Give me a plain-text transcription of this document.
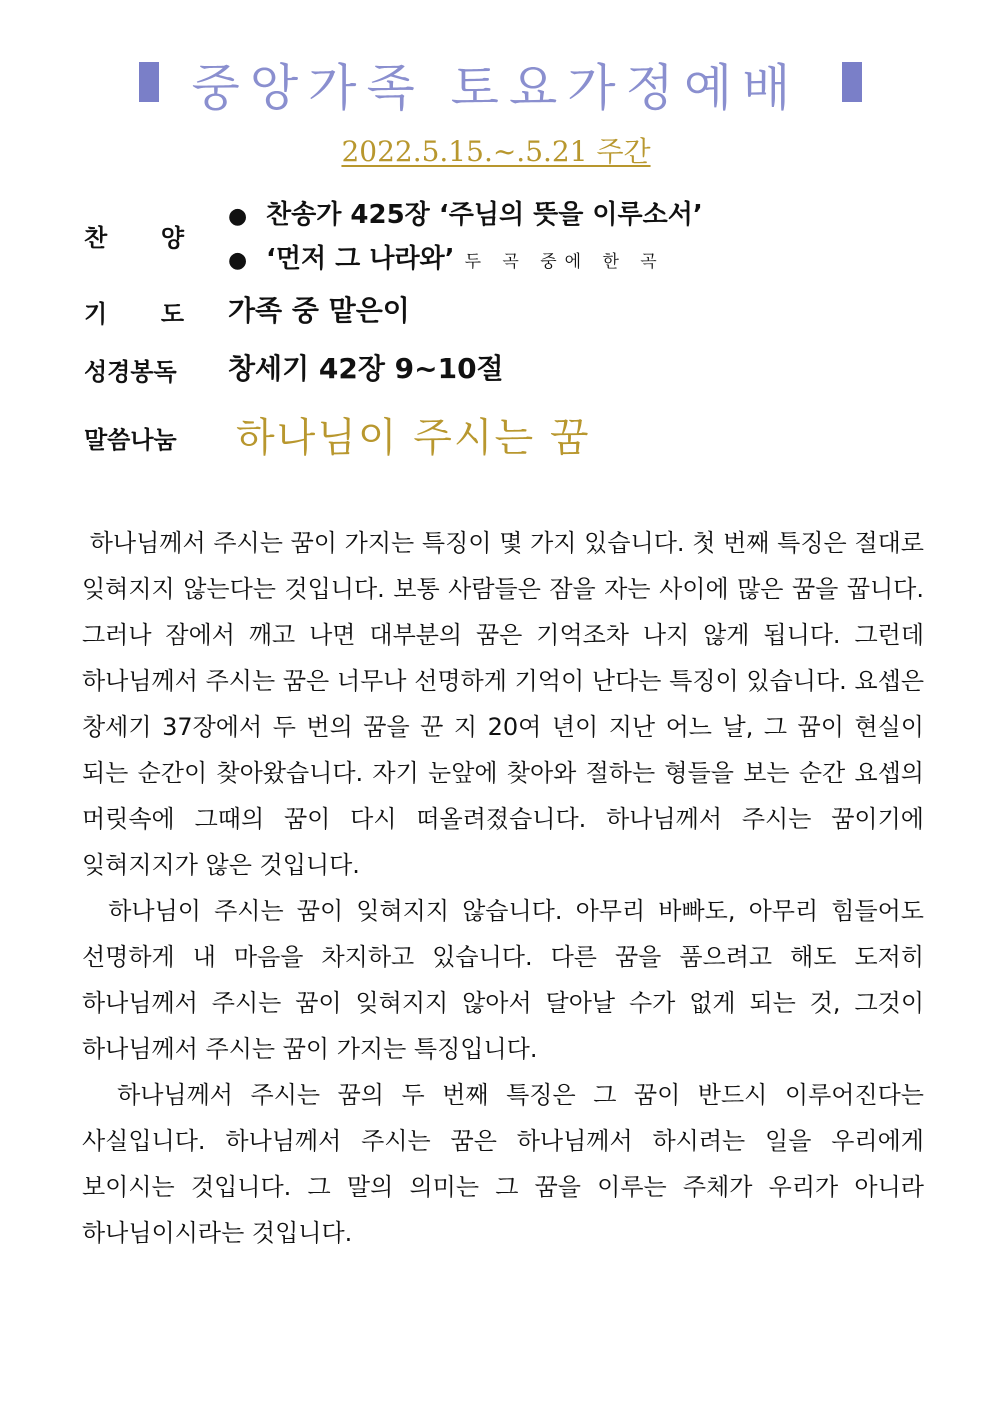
중앙가족 토요가정예배
2022.5.15.~.5.21 주간
찬 양
● 찬송가 425장 ‘주님의 뜻을 이루소서’
● ‘먼저 그 나라와’ 두 곡 중에 한 곡
기 도 가족 중 맡은이
성경봉독 창세기 42장 9~10절
말씀나눔 하나님이 주시는 꿈

하나님께서 주시는 꿈이 가지는 특징이 몇 가지 있습니다. 첫 번째 특징은 절대로 잊혀지지 않는다는 것입니다. 보통 사람들은 잠을 자는 사이에 많은 꿈을 꿉니다. 그러나 잠에서 깨고 나면 대부분의 꿈은 기억조차 나지 않게 됩니다. 그런데 하나님께서 주시는 꿈은 너무나 선명하게 기억이 난다는 특징이 있습니다. 요셉은 창세기 37장에서 두 번의 꿈을 꾼 지 20여 년이 지난 어느 날, 그 꿈이 현실이 되는 순간이 찾아왔습니다. 자기 눈앞에 찾아와 절하는 형들을 보는 순간 요셉의 머릿속에 그때의 꿈이 다시 떠올려졌습니다. 하나님께서 주시는 꿈이기에 잊혀지지가 않은 것입니다.

하나님이 주시는 꿈이 잊혀지지 않습니다. 아무리 바빠도, 아무리 힘들어도 선명하게 내 마음을 차지하고 있습니다. 다른 꿈을 품으려고 해도 도저히 하나님께서 주시는 꿈이 잊혀지지 않아서 달아날 수가 없게 되는 것, 그것이 하나님께서 주시는 꿈이 가지는 특징입니다.

하나님께서 주시는 꿈의 두 번째 특징은 그 꿈이 반드시 이루어진다는 사실입니다. 하나님께서 주시는 꿈은 하나님께서 하시려는 일을 우리에게 보이시는 것입니다. 그 말의 의미는 그 꿈을 이루는 주체가 우리가 아니라 하나님이시라는 것입니다.
